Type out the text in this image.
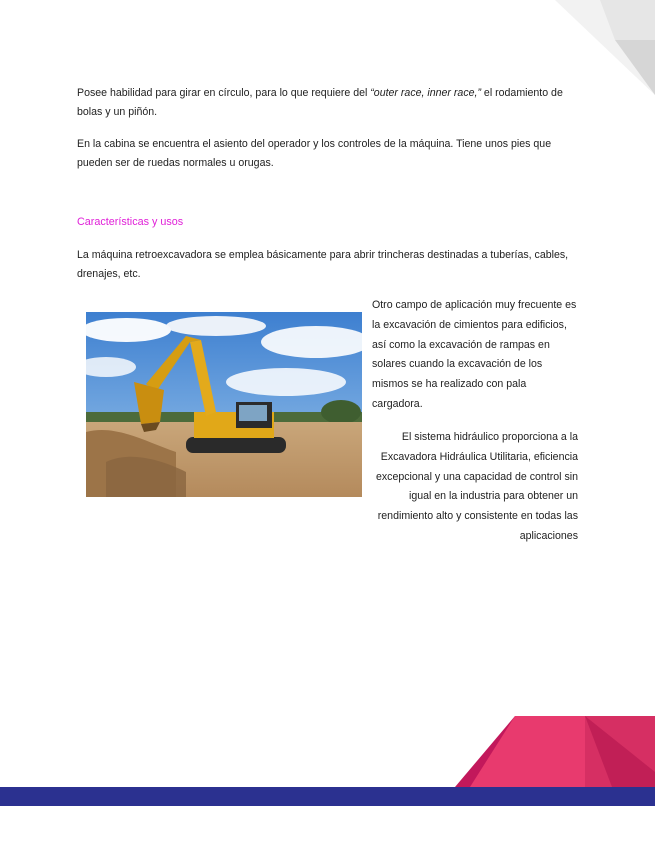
Posee habilidad para girar en círculo, para lo que requiere del “outer race, inner race,” el rodamiento de bolas y un piñón.

En la cabina se encuentra el asiento del operador y los controles de la máquina. Tiene unos pies que pueden ser de ruedas normales u orugas.

Características y usos

La máquina retroexcavadora se emplea básicamente para abrir trincheras destinadas a tuberías, cables, drenajes, etc.

Otro campo de aplicación muy frecuente es la excavación de cimientos para edificios, así como la excavación de rampas en solares cuando la excavación de los mismos se ha realizado con pala cargadora.

El sistema hidráulico proporciona a la Excavadora Hidráulica Utilitaria, eficiencia excepcional y una capacidad de control sin igual en la industria para obtener un rendimiento alto y consistente en todas las aplicaciones
